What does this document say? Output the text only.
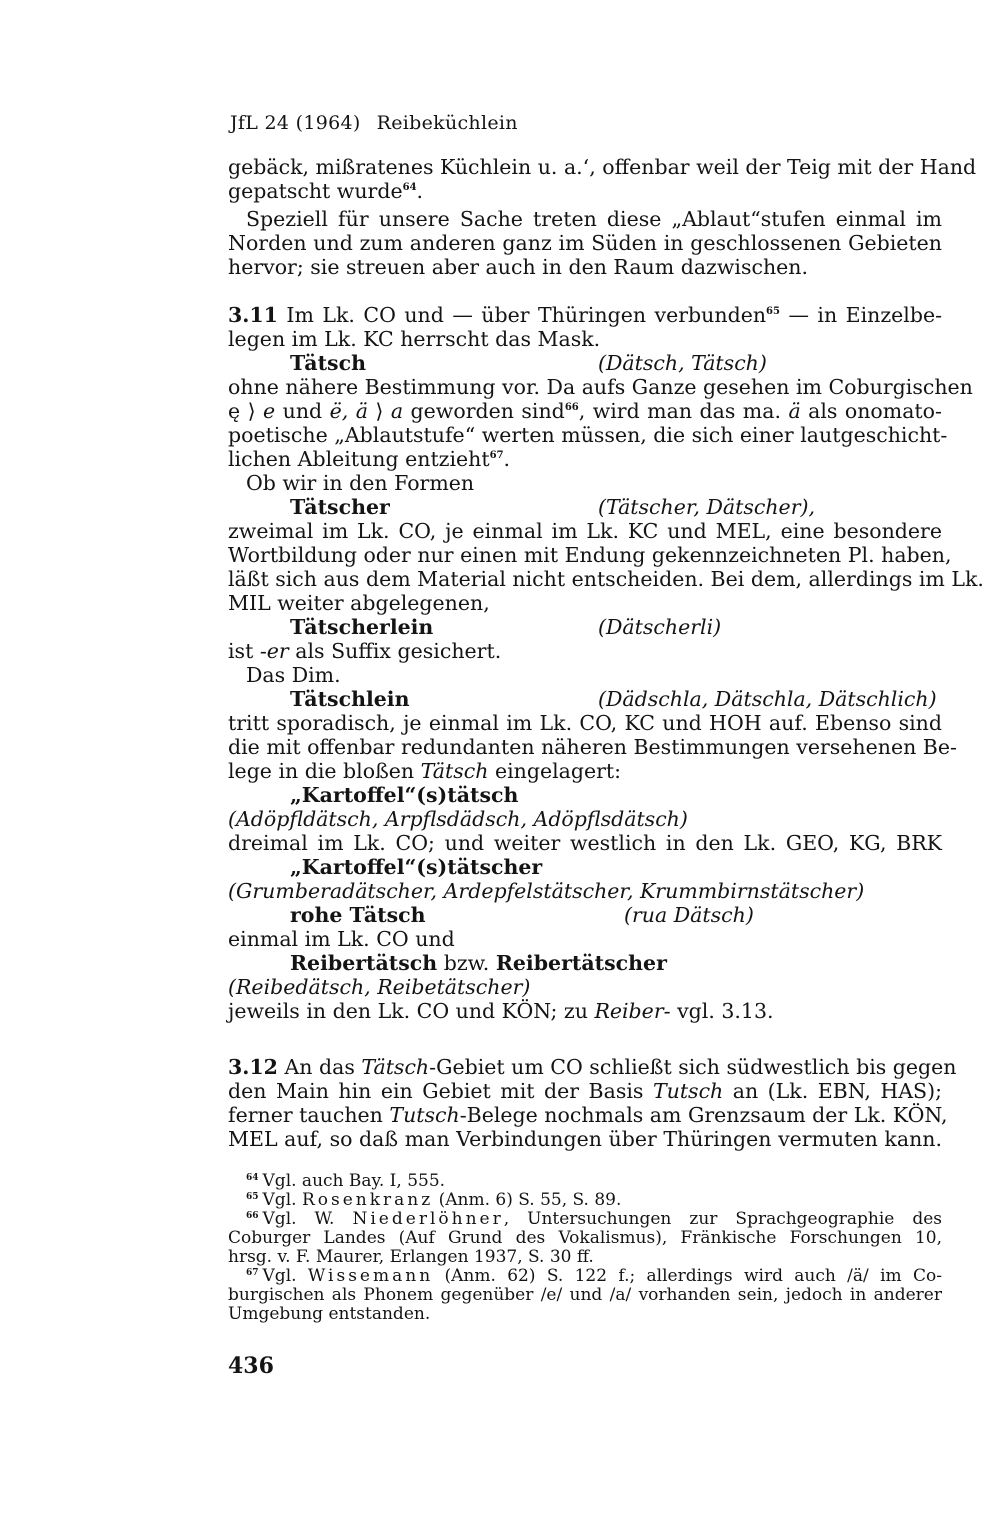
JfL 24 (1964) Reibeküchlein
gebäck, mißratenes Küchlein u. a.‘, offenbar weil der Teig mit der Hand
gepatscht wurde$^{64}$.
Speziell für unsere Sache treten diese „Ablaut“stufen einmal im
Norden und zum anderen ganz im Süden in geschlossenen Gebieten
hervor; sie streuen aber auch in den Raum dazwischen.
3.11 Im Lk. CO und — über Thüringen verbunden$^{65}$ — in Einzelbe-
legen im Lk. KC herrscht das Mask.
Tätsch	(Dätsch, Tätsch)
ohne nähere Bestimmung vor. Da aufs Ganze gesehen im Coburgischen
ę ⟩ e und ë, ä ⟩ a geworden sind$^{66}$, wird man das ma. ä als onomato-
poetische „Ablautstufe“ werten müssen, die sich einer lautgeschicht-
lichen Ableitung entzieht$^{67}$.
Ob wir in den Formen
Tätscher	(Tätscher, Dätscher),
zweimal im Lk. CO, je einmal im Lk. KC und MEL, eine besondere
Wortbildung oder nur einen mit Endung gekennzeichneten Pl. haben,
läßt sich aus dem Material nicht entscheiden. Bei dem, allerdings im Lk.
MIL weiter abgelegenen,
Tätscherlein	(Dätscherli)
ist -er als Suffix gesichert.
Das Dim.
Tätschlein	(Dädschla, Dätschla, Dätschlich)
tritt sporadisch, je einmal im Lk. CO, KC und HOH auf. Ebenso sind
die mit offenbar redundanten näheren Bestimmungen versehenen Be-
lege in die bloßen Tätsch eingelagert:
„Kartoffel“(s)tätsch
(Adöpfldätsch, Arpflsdädsch, Adöpflsdätsch)
dreimal im Lk. CO; und weiter westlich in den Lk. GEO, KG, BRK
„Kartoffel“(s)tätscher
(Grumberadätscher, Ardepfelstätscher, Krummbirnstätscher)
rohe Tätsch	(rua Dätsch)
einmal im Lk. CO und
Reibertätsch bzw. Reibertätscher
(Reibedätsch, Reibetätscher)
jeweils in den Lk. CO und KÖN; zu Reiber- vgl. 3.13.
3.12 An das Tätsch-Gebiet um CO schließt sich südwestlich bis gegen
den Main hin ein Gebiet mit der Basis Tutsch an (Lk. EBN, HAS);
ferner tauchen Tutsch-Belege nochmals am Grenzsaum der Lk. KÖN,
MEL auf, so daß man Verbindungen über Thüringen vermuten kann.
$^{64}$ Vgl. auch Bay. I, 555.
$^{65}$ Vgl. Rosenkranz (Anm. 6) S. 55, S. 89.
$^{66}$ Vgl. W. Niederlöhner, Untersuchungen zur Sprachgeographie des
Coburger Landes (Auf Grund des Vokalismus), Fränkische Forschungen 10,
hrsg. v. F. Maurer, Erlangen 1937, S. 30 ff.
$^{67}$ Vgl. Wissemann (Anm. 62) S. 122 f.; allerdings wird auch /ä/ im Co-
burgischen als Phonem gegenüber /e/ und /a/ vorhanden sein, jedoch in anderer
Umgebung entstanden.
436
